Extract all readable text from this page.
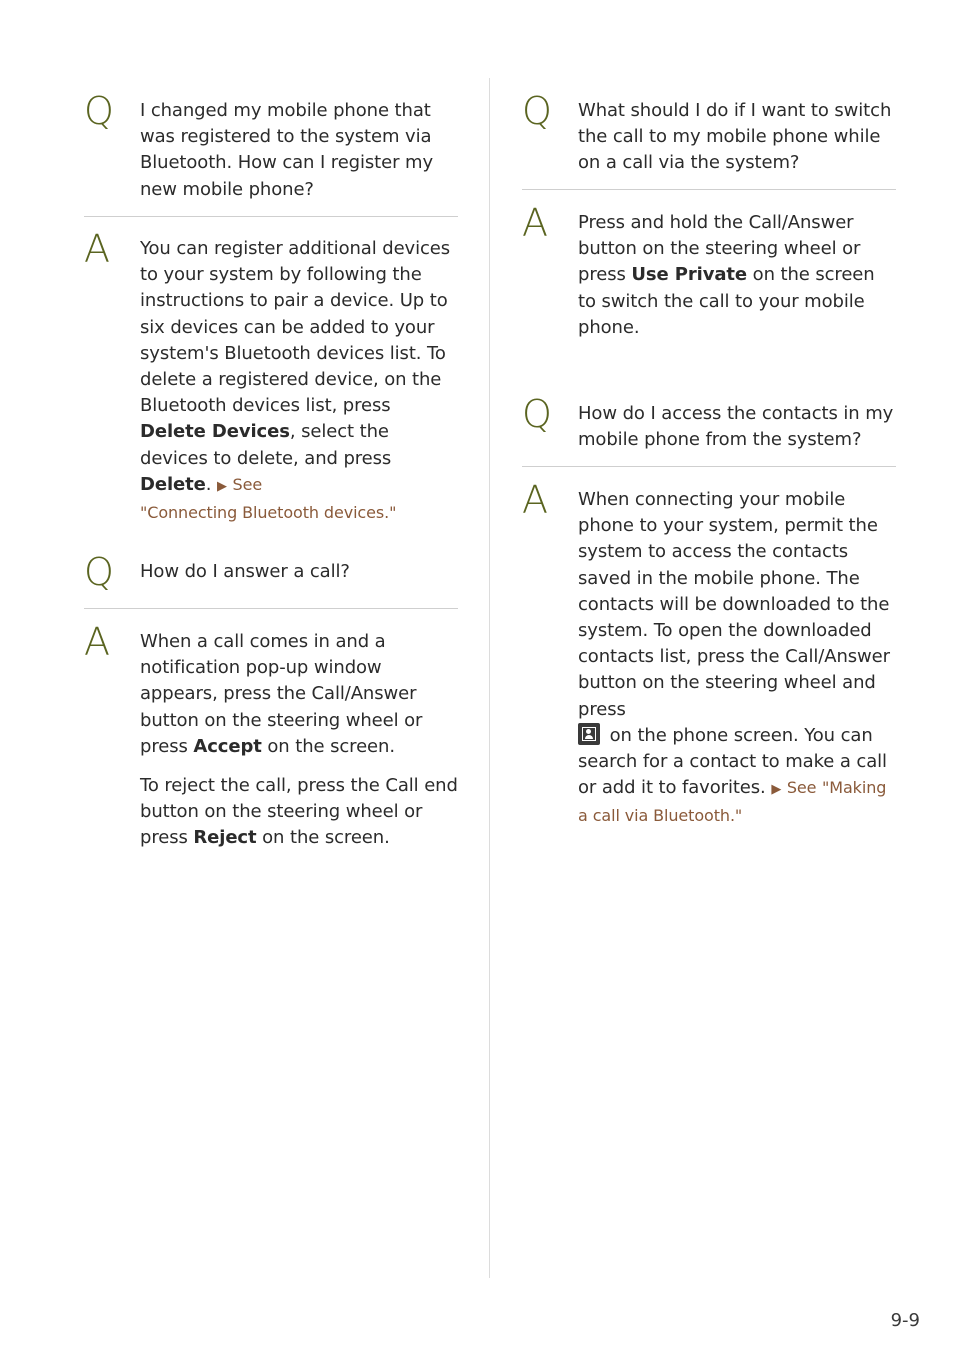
Q I changed my mobile phone that was registered to the system via Bluetooth. How can I register my new mobile phone?
A You can register additional devices to your system by following the instructions to pair a device. Up to six devices can be added to your system's Bluetooth devices list. To delete a registered device, on the Bluetooth devices list, press Delete Devices, select the devices to delete, and press Delete. ▶ See
"Connecting Bluetooth devices."
Q How do I answer a call?
A When a call comes in and a notification pop-up window appears, press the Call/Answer button on the steering wheel or press Accept on the screen.
To reject the call, press the Call end button on the steering wheel or press Reject on the screen.
Q What should I do if I want to switch the call to my mobile phone while on a call via the system?
A Press and hold the Call/Answer button on the steering wheel or press Use Private on the screen to switch the call to your mobile phone.
Q How do I access the contacts in my mobile phone from the system?
A When connecting your mobile phone to your system, permit the system to access the contacts saved in the mobile phone. The contacts will be downloaded to the system. To open the downloaded contacts list, press the Call/Answer button on the steering wheel and press

on the phone screen. You can search for a contact to make a call or add it to favorites. ▶ See "Making a call via Bluetooth."
9-9
